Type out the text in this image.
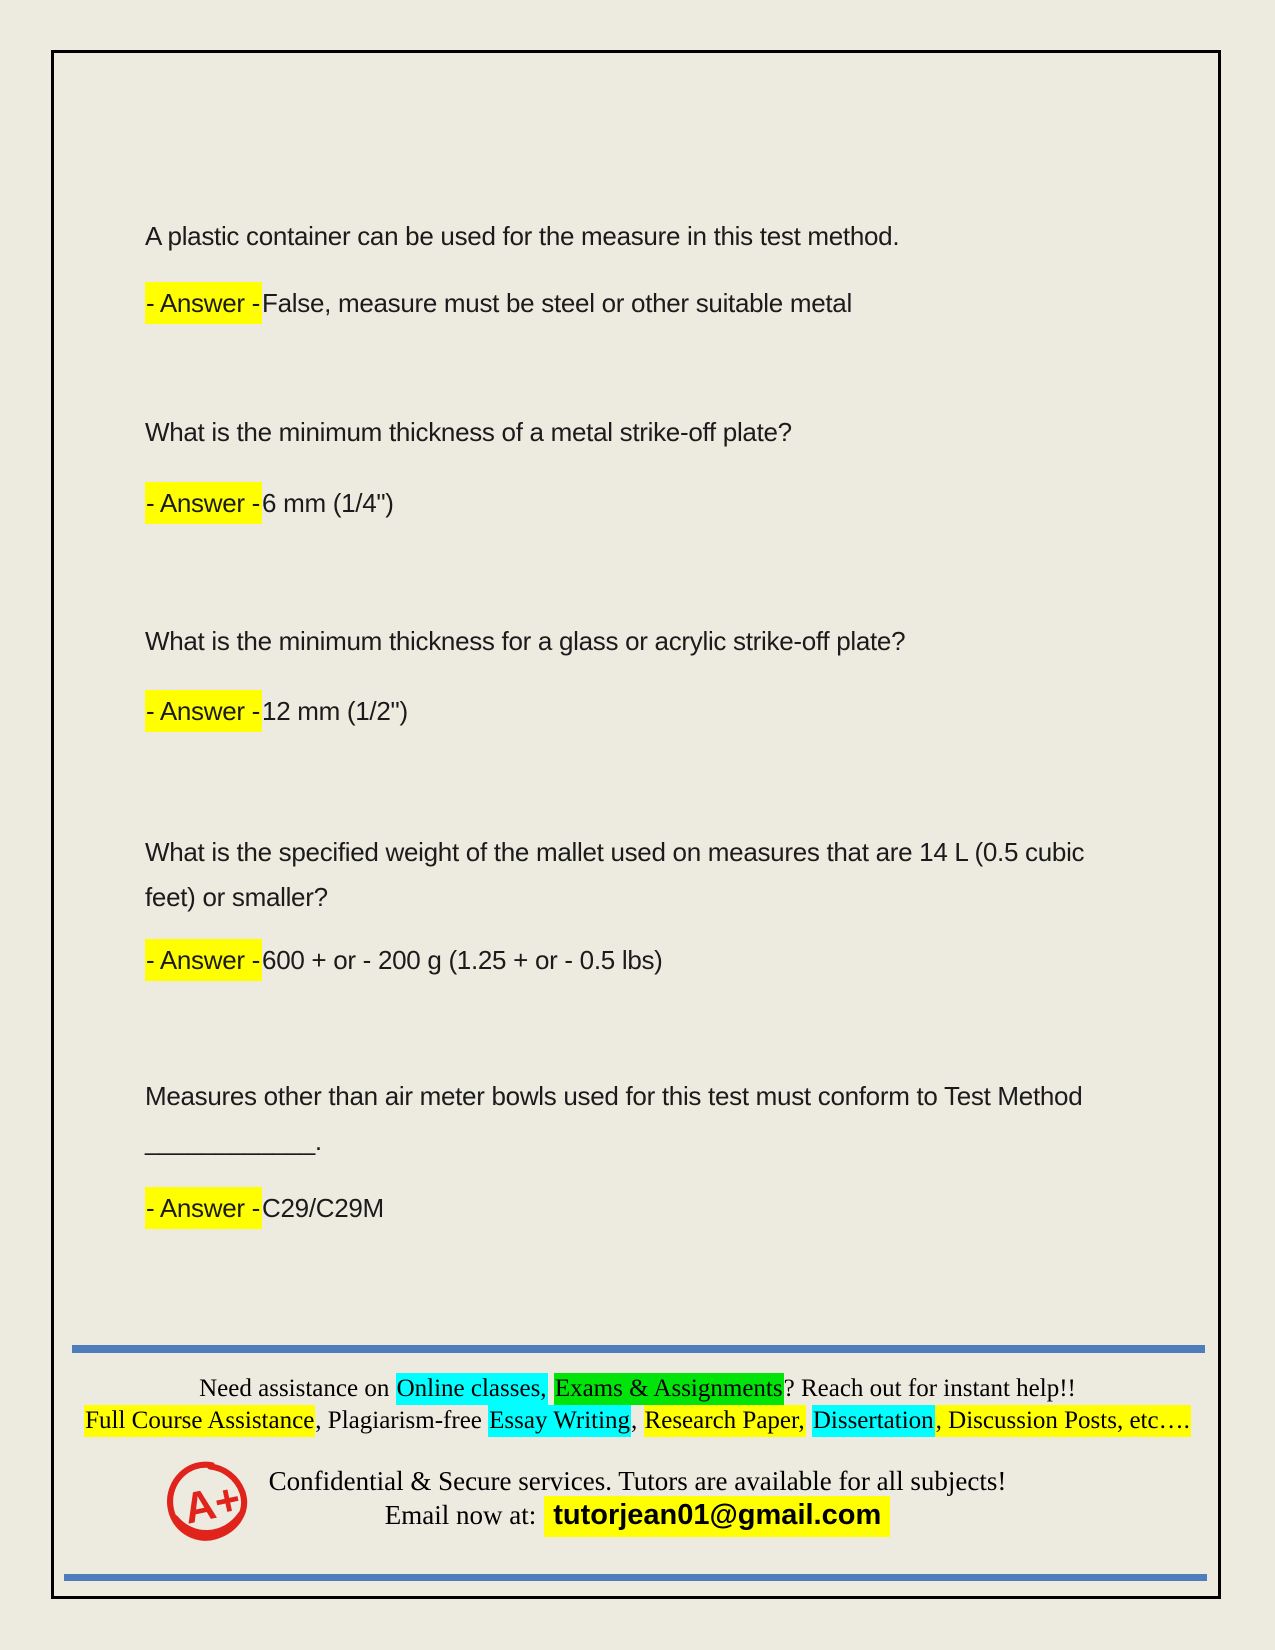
A plastic container can be used for the measure in this test method.

- Answer -False, measure must be steel or other suitable metal

What is the minimum thickness of a metal strike-off plate?

- Answer -6 mm (1/4")

What is the minimum thickness for a glass or acrylic strike-off plate?

- Answer -12 mm (1/2")

What is the specified weight of the mallet used on measures that are 14 L (0.5 cubic feet) or smaller?

- Answer -600 + or - 200 g (1.25 + or - 0.5 lbs)

Measures other than air meter bowls used for this test must conform to Test Method ____________.

- Answer -C29/C29M

Need assistance on Online classes, Exams & Assignments? Reach out for instant help!!

Full Course Assistance, Plagiarism-free Essay Writing, Research Paper, Dissertation, Discussion Posts, etc….

Confidential & Secure services. Tutors are available for all subjects!

Email now at: tutorjean01@gmail.com

A+
